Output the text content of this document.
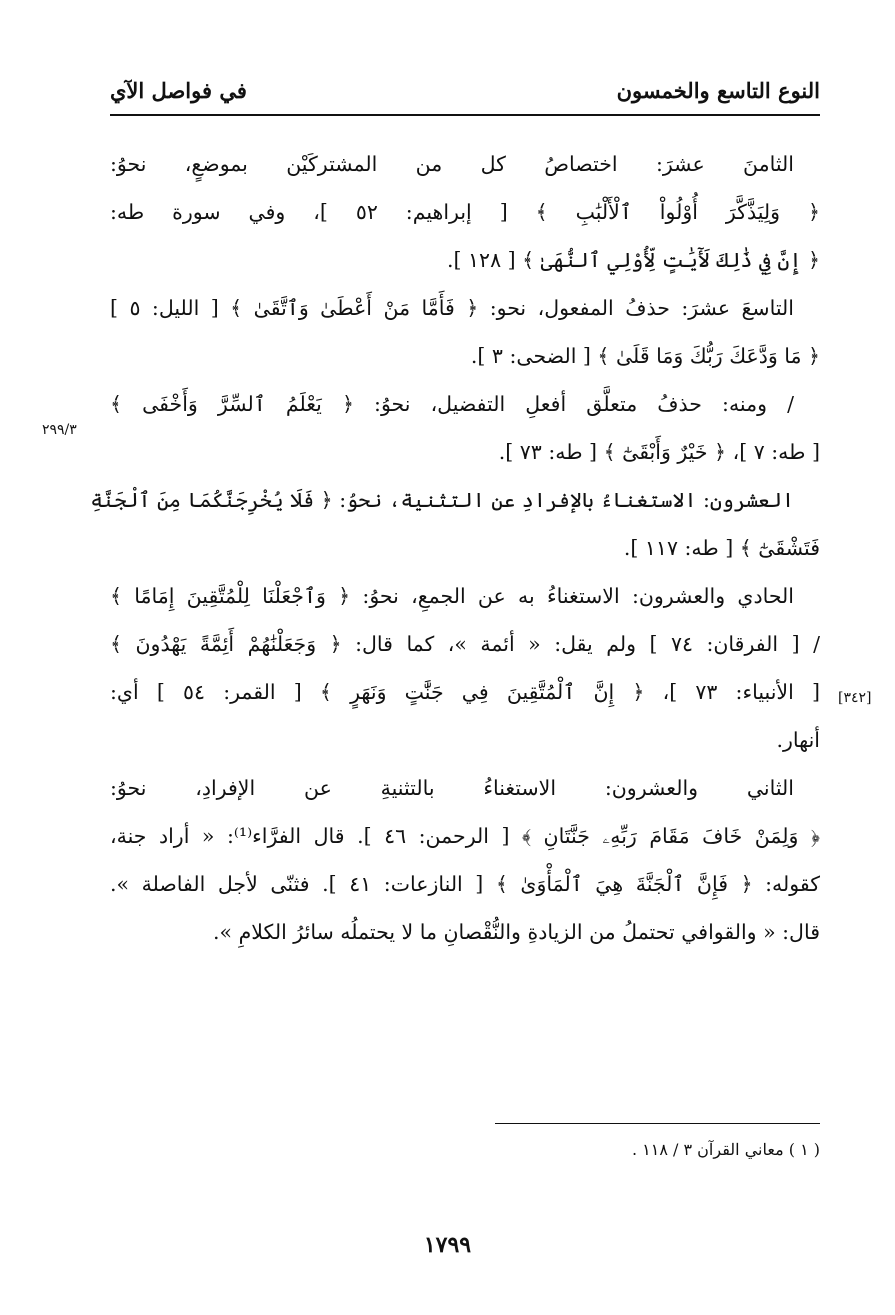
النوع التاسع والخمسون
في فواصل الآي
الثامنَ عشرَ: اختصاصُ كل من المشتركَيْن بموضعٍ، نحوُ:
﴿ وَلِيَذَّكَّرَ أُوْلُواْ ٱلْأَلْبَٰبِ ﴾ [ إبراهيم: ٥٢ ]، وفي سورة طه:
﴿ إِنَّ فِي ذَٰلِكَ لَأٓيَٰتٍ لِّأُوْلِي ٱلنُّهَىٰ ﴾ [ ١٢٨ ].
التاسعَ عشرَ: حذفُ المفعول، نحو: ﴿ فَأَمَّا مَنْ أَعْطَىٰ وَٱتَّقَىٰ ﴾ [ الليل: ٥ ]
﴿ مَا وَدَّعَكَ رَبُّكَ وَمَا قَلَىٰ ﴾ [ الضحى: ٣ ].
/ ومنه: حذفُ متعلَّق أفعلِ التفضيل، نحوُ: ﴿ يَعْلَمُ ٱلسِّرَّ وَأَخْفَى ﴾
[ طه: ٧ ]، ﴿ خَيْرٌ وَأَبْقَىٰٓ ﴾ [ طه: ٧٣ ].
العشرون: الاستغناءُ بالإفرادِ عن التثنية، نحوُ: ﴿ فَلَا يُخْرِجَنَّكُمَا مِنَ ٱلْجَنَّةِ
فَتَشْقَىٰٓ ﴾ [ طه: ١١٧ ].
الحادي والعشرون: الاستغناءُ به عن الجمعِ، نحوُ: ﴿ وَٱجْعَلْنَا لِلْمُتَّقِينَ إِمَامًا ﴾
/ [ الفرقان: ٧٤ ] ولم يقل: « أئمة »، كما قال: ﴿ وَجَعَلْنَٰهُمْ أَئِمَّةً يَهْدُونَ ﴾
[ الأنبياء: ٧٣ ]، ﴿ إِنَّ ٱلْمُتَّقِينَ فِي جَنَّٰتٍ وَنَهَرٍ ﴾ [ القمر: ٥٤ ] أي:
أنهار.
الثاني والعشرون: الاستغناءُ بالتثنيةِ عن الإفرادِ، نحوُ:
﴿ وَلِمَنْ خَافَ مَقَامَ رَبِّهِۦ جَنَّتَانِ ﴾ [ الرحمن: ٤٦ ]. قال الفرَّاء⁽¹⁾: « أراد جنة،
كقوله: ﴿ فَإِنَّ ٱلْجَنَّةَ هِيَ ٱلْمَأْوَىٰ ﴾ [ النازعات: ٤١ ]. فثنّى لأجل الفاصلة ».
قال: « والقوافي تحتملُ من الزيادةِ والنُّقْصانِ ما لا يحتملُه سائرُ الكلامِ ».
٢٩٩/٣
[٣٤٢]
( ١ ) معاني القرآن ٣ / ١١٨ .
١٧٩٩
